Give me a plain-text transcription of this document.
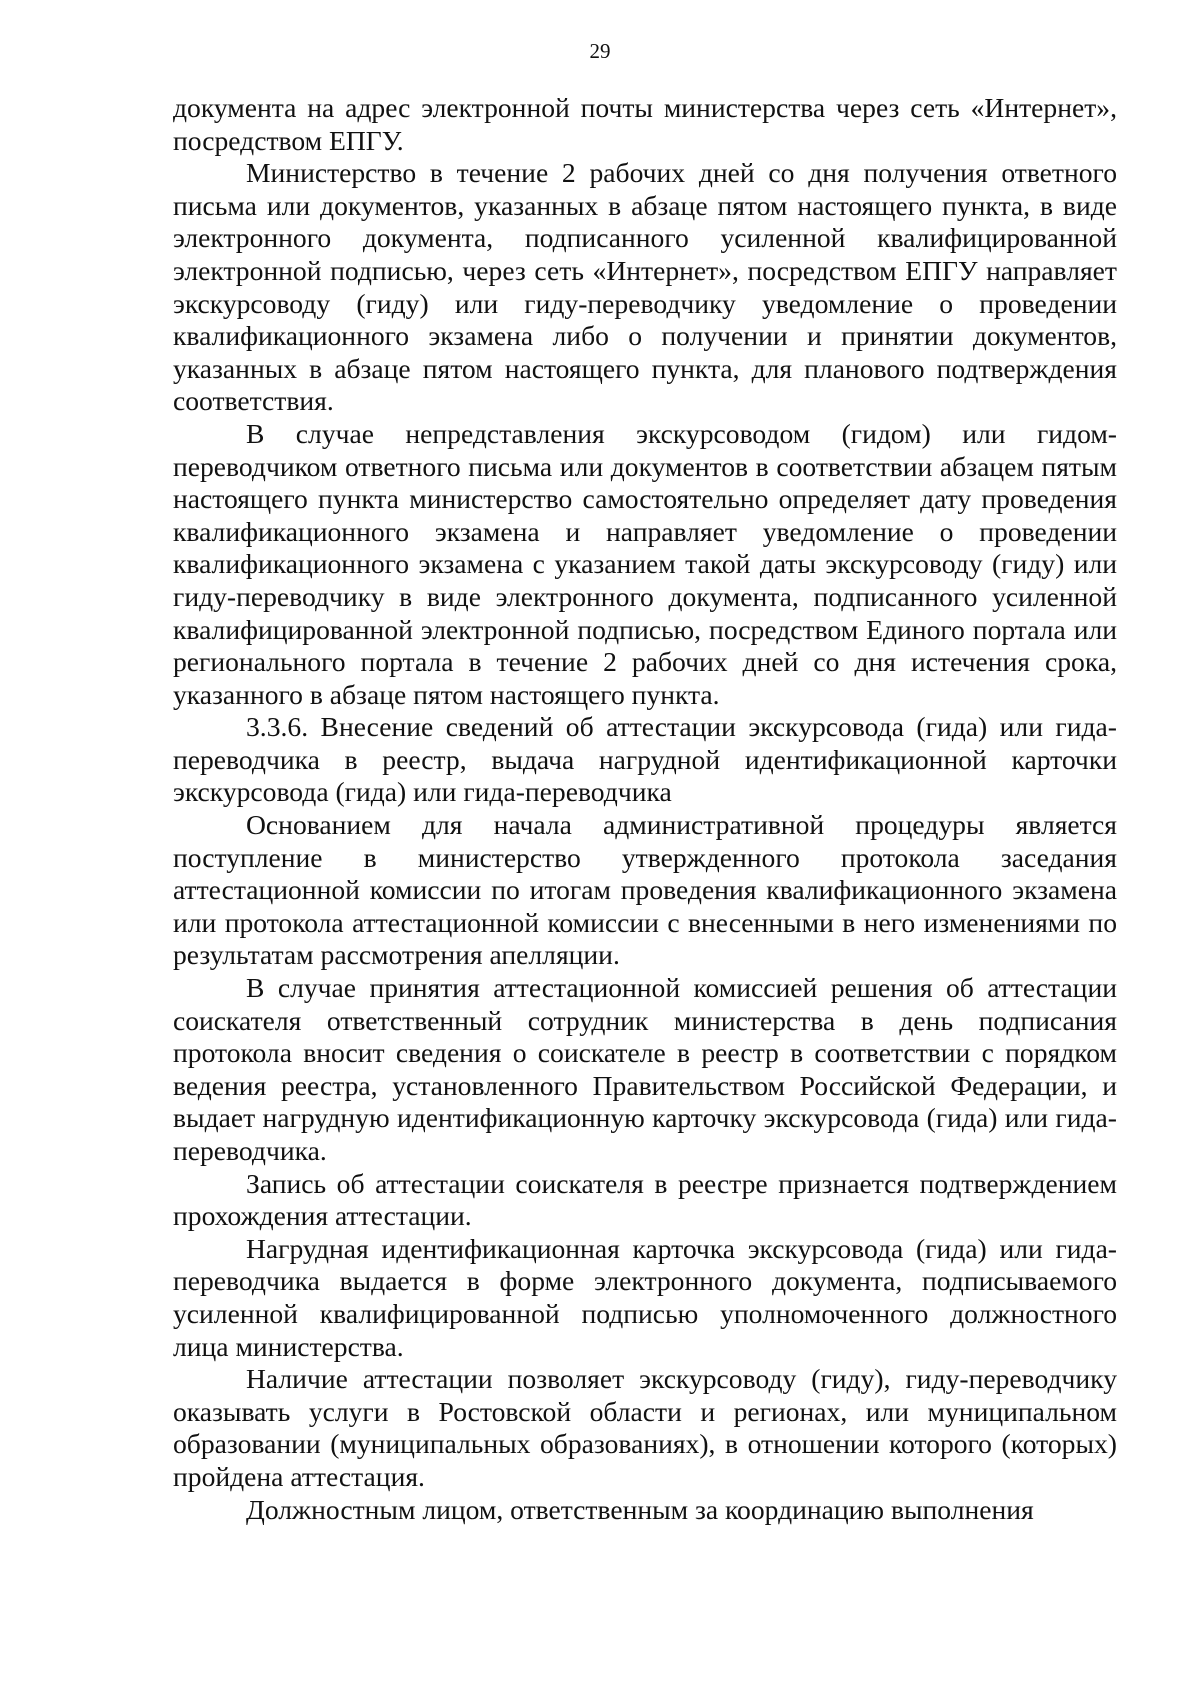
29

документа на адрес электронной почты министерства через сеть «Интернет», посредством ЕПГУ.

Министерство в течение 2 рабочих дней со дня получения ответного письма или документов, указанных в абзаце пятом настоящего пункта, в виде электронного документа, подписанного усиленной квалифицированной электронной подписью, через сеть «Интернет», посредством ЕПГУ направляет экскурсоводу (гиду) или гиду-переводчику уведомление о проведении квалификационного экзамена либо о получении и принятии документов, указанных в абзаце пятом настоящего пункта, для планового подтверждения соответствия.

В случае непредставления экскурсоводом (гидом) или гидом-переводчиком ответного письма или документов в соответствии абзацем пятым настоящего пункта министерство самостоятельно определяет дату проведения квалификационного экзамена и направляет уведомление о проведении квалификационного экзамена с указанием такой даты экскурсоводу (гиду) или гиду-переводчику в виде электронного документа, подписанного усиленной квалифицированной электронной подписью, посредством Единого портала или регионального портала в течение 2 рабочих дней со дня истечения срока, указанного в абзаце пятом настоящего пункта.

3.3.6. Внесение сведений об аттестации экскурсовода (гида) или гида-переводчика в реестр, выдача нагрудной идентификационной карточки экскурсовода (гида) или гида-переводчика

Основанием для начала административной процедуры является поступление в министерство утвержденного протокола заседания аттестационной комиссии по итогам проведения квалификационного экзамена или протокола аттестационной комиссии с внесенными в него изменениями по результатам рассмотрения апелляции.

В случае принятия аттестационной комиссией решения об аттестации соискателя ответственный сотрудник министерства в день подписания протокола вносит сведения о соискателе в реестр в соответствии с порядком ведения реестра, установленного Правительством Российской Федерации, и выдает нагрудную идентификационную карточку экскурсовода (гида) или гида-переводчика.

Запись об аттестации соискателя в реестре признается подтверждением прохождения аттестации.

Нагрудная идентификационная карточка экскурсовода (гида) или гида-переводчика выдается в форме электронного документа, подписываемого усиленной квалифицированной подписью уполномоченного должностного лица министерства.

Наличие аттестации позволяет экскурсоводу (гиду), гиду-переводчику оказывать услуги в Ростовской области и регионах, или муниципальном образовании (муниципальных образованиях), в отношении которого (которых) пройдена аттестация.

Должностным лицом, ответственным за координацию выполнения
